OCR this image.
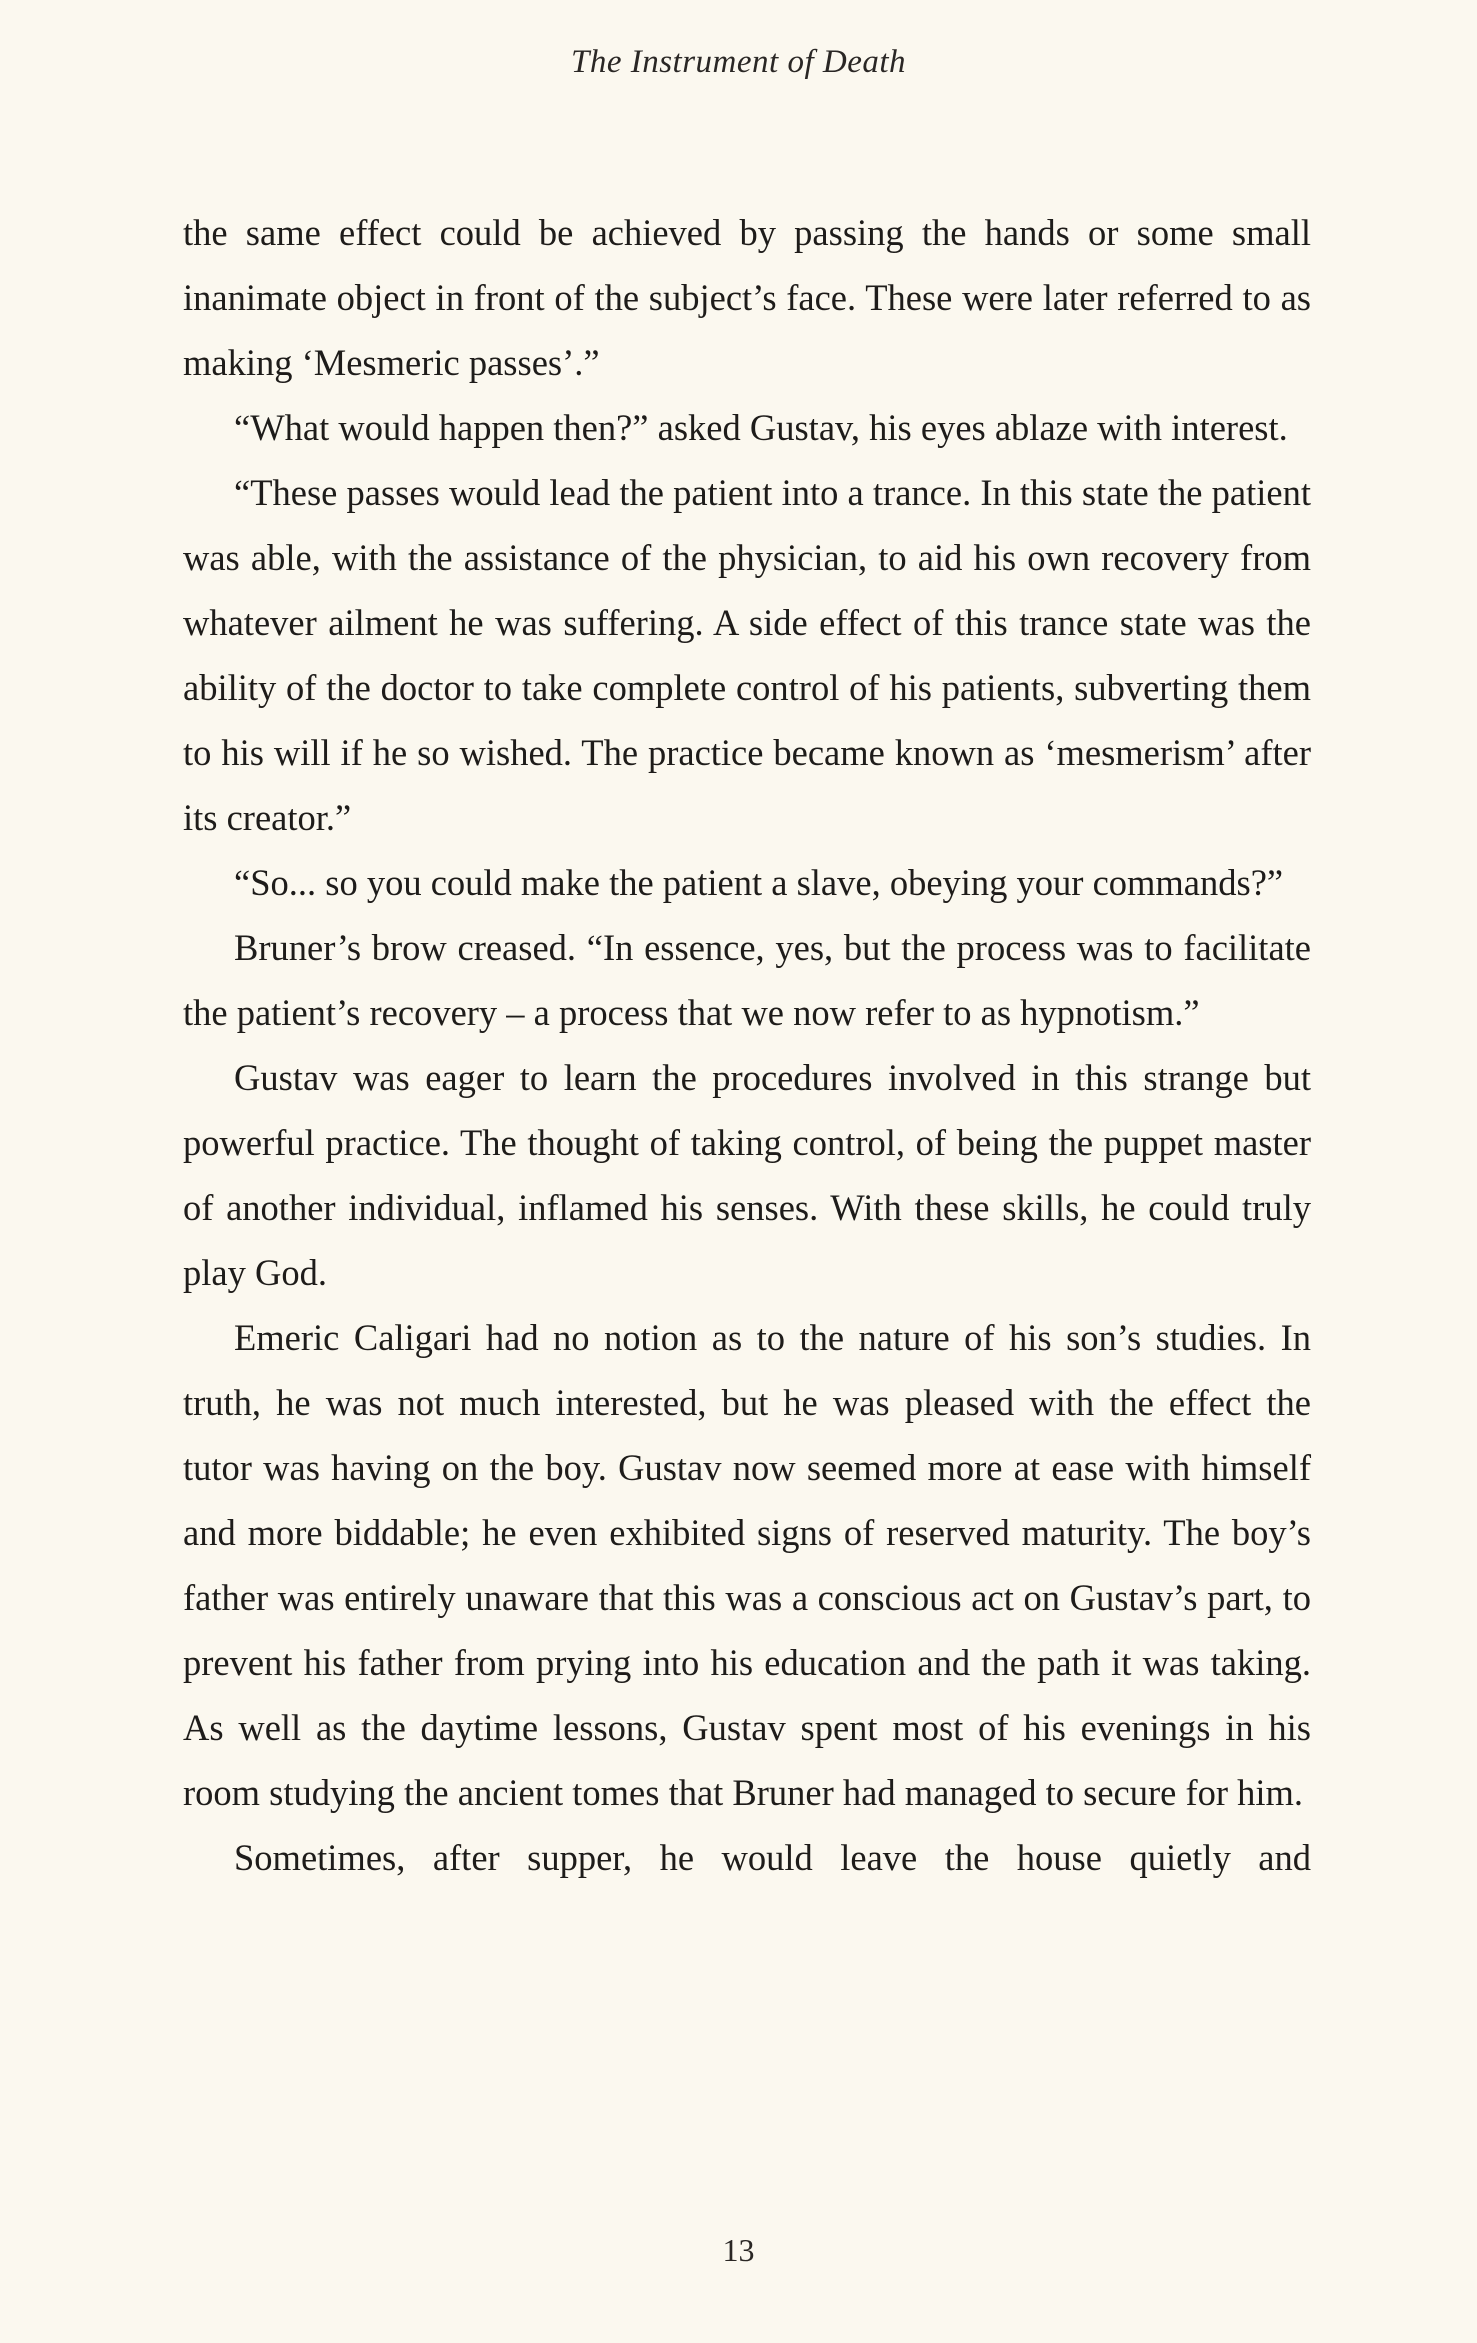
The Instrument of Death

the same effect could be achieved by passing the hands or some small inanimate object in front of the subject’s face. These were later referred to as making ‘Mesmeric passes’.”

“What would happen then?” asked Gustav, his eyes ablaze with interest.

“These passes would lead the patient into a trance. In this state the patient was able, with the assistance of the physician, to aid his own recovery from whatever ailment he was suffering. A side effect of this trance state was the ability of the doctor to take complete control of his patients, subverting them to his will if he so wished. The practice became known as ‘mesmerism’ after its creator.”

“So... so you could make the patient a slave, obeying your commands?”

Bruner’s brow creased. “In essence, yes, but the process was to facilitate the patient’s recovery – a process that we now refer to as hypnotism.”

Gustav was eager to learn the procedures involved in this strange but powerful practice. The thought of taking control, of being the puppet master of another individual, inflamed his senses. With these skills, he could truly play God.

Emeric Caligari had no notion as to the nature of his son’s studies. In truth, he was not much interested, but he was pleased with the effect the tutor was having on the boy. Gustav now seemed more at ease with himself and more biddable; he even exhibited signs of reserved maturity. The boy’s father was entirely unaware that this was a conscious act on Gustav’s part, to prevent his father from prying into his education and the path it was taking. As well as the daytime lessons, Gustav spent most of his evenings in his room studying the ancient tomes that Bruner had managed to secure for him.

Sometimes, after supper, he would leave the house quietly and

13
